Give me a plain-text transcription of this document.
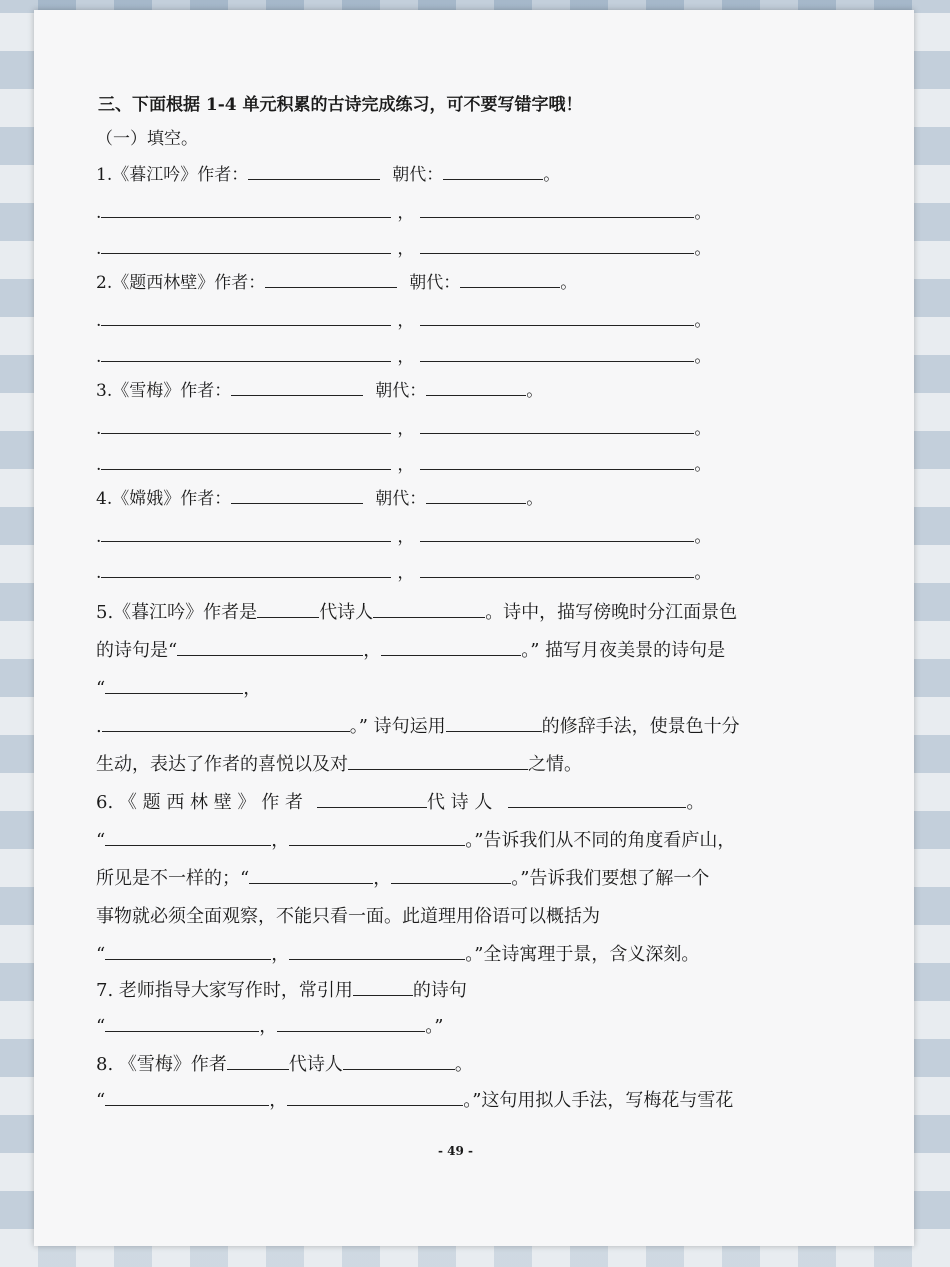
三、下面根据 1-4 单元积累的古诗完成练习，可不要写错字哦！
（一）填空。
1.《暮江吟》作者：	朝代：	。
.	，	。
.	，	。
2.《题西林壁》作者：	朝代：	。
.	，	。
.	，	。
3.《雪梅》作者：	朝代：	。
.	，	。
.	，	。
4.《嫦娥》作者：	朝代：	。
.	，	。
.	，	。
5.《暮江吟》作者是	代诗人	。诗中，描写傍晚时分江面景色
的诗句是“	，	。” 描写月夜美景的诗句是
“	，
.	。” 诗句运用	的修辞手法，使景色十分
生动，表达了作者的喜悦以及对	之情。
6. 《 题 西 林 壁 》 作 者	代 诗 人	。
“	，	。”告诉我们从不同的角度看庐山，
所见是不一样的；“	，	。”告诉我们要想了解一个
事物就必须全面观察，不能只看一面。此道理用俗语可以概括为
“	，	。”全诗寓理于景，含义深刻。
7. 老师指导大家写作时，常引用	的诗句
“	，	。”
8. 《雪梅》作者	代诗人	。
“	，	。”这句用拟人手法，写梅花与雪花
- 49 -
